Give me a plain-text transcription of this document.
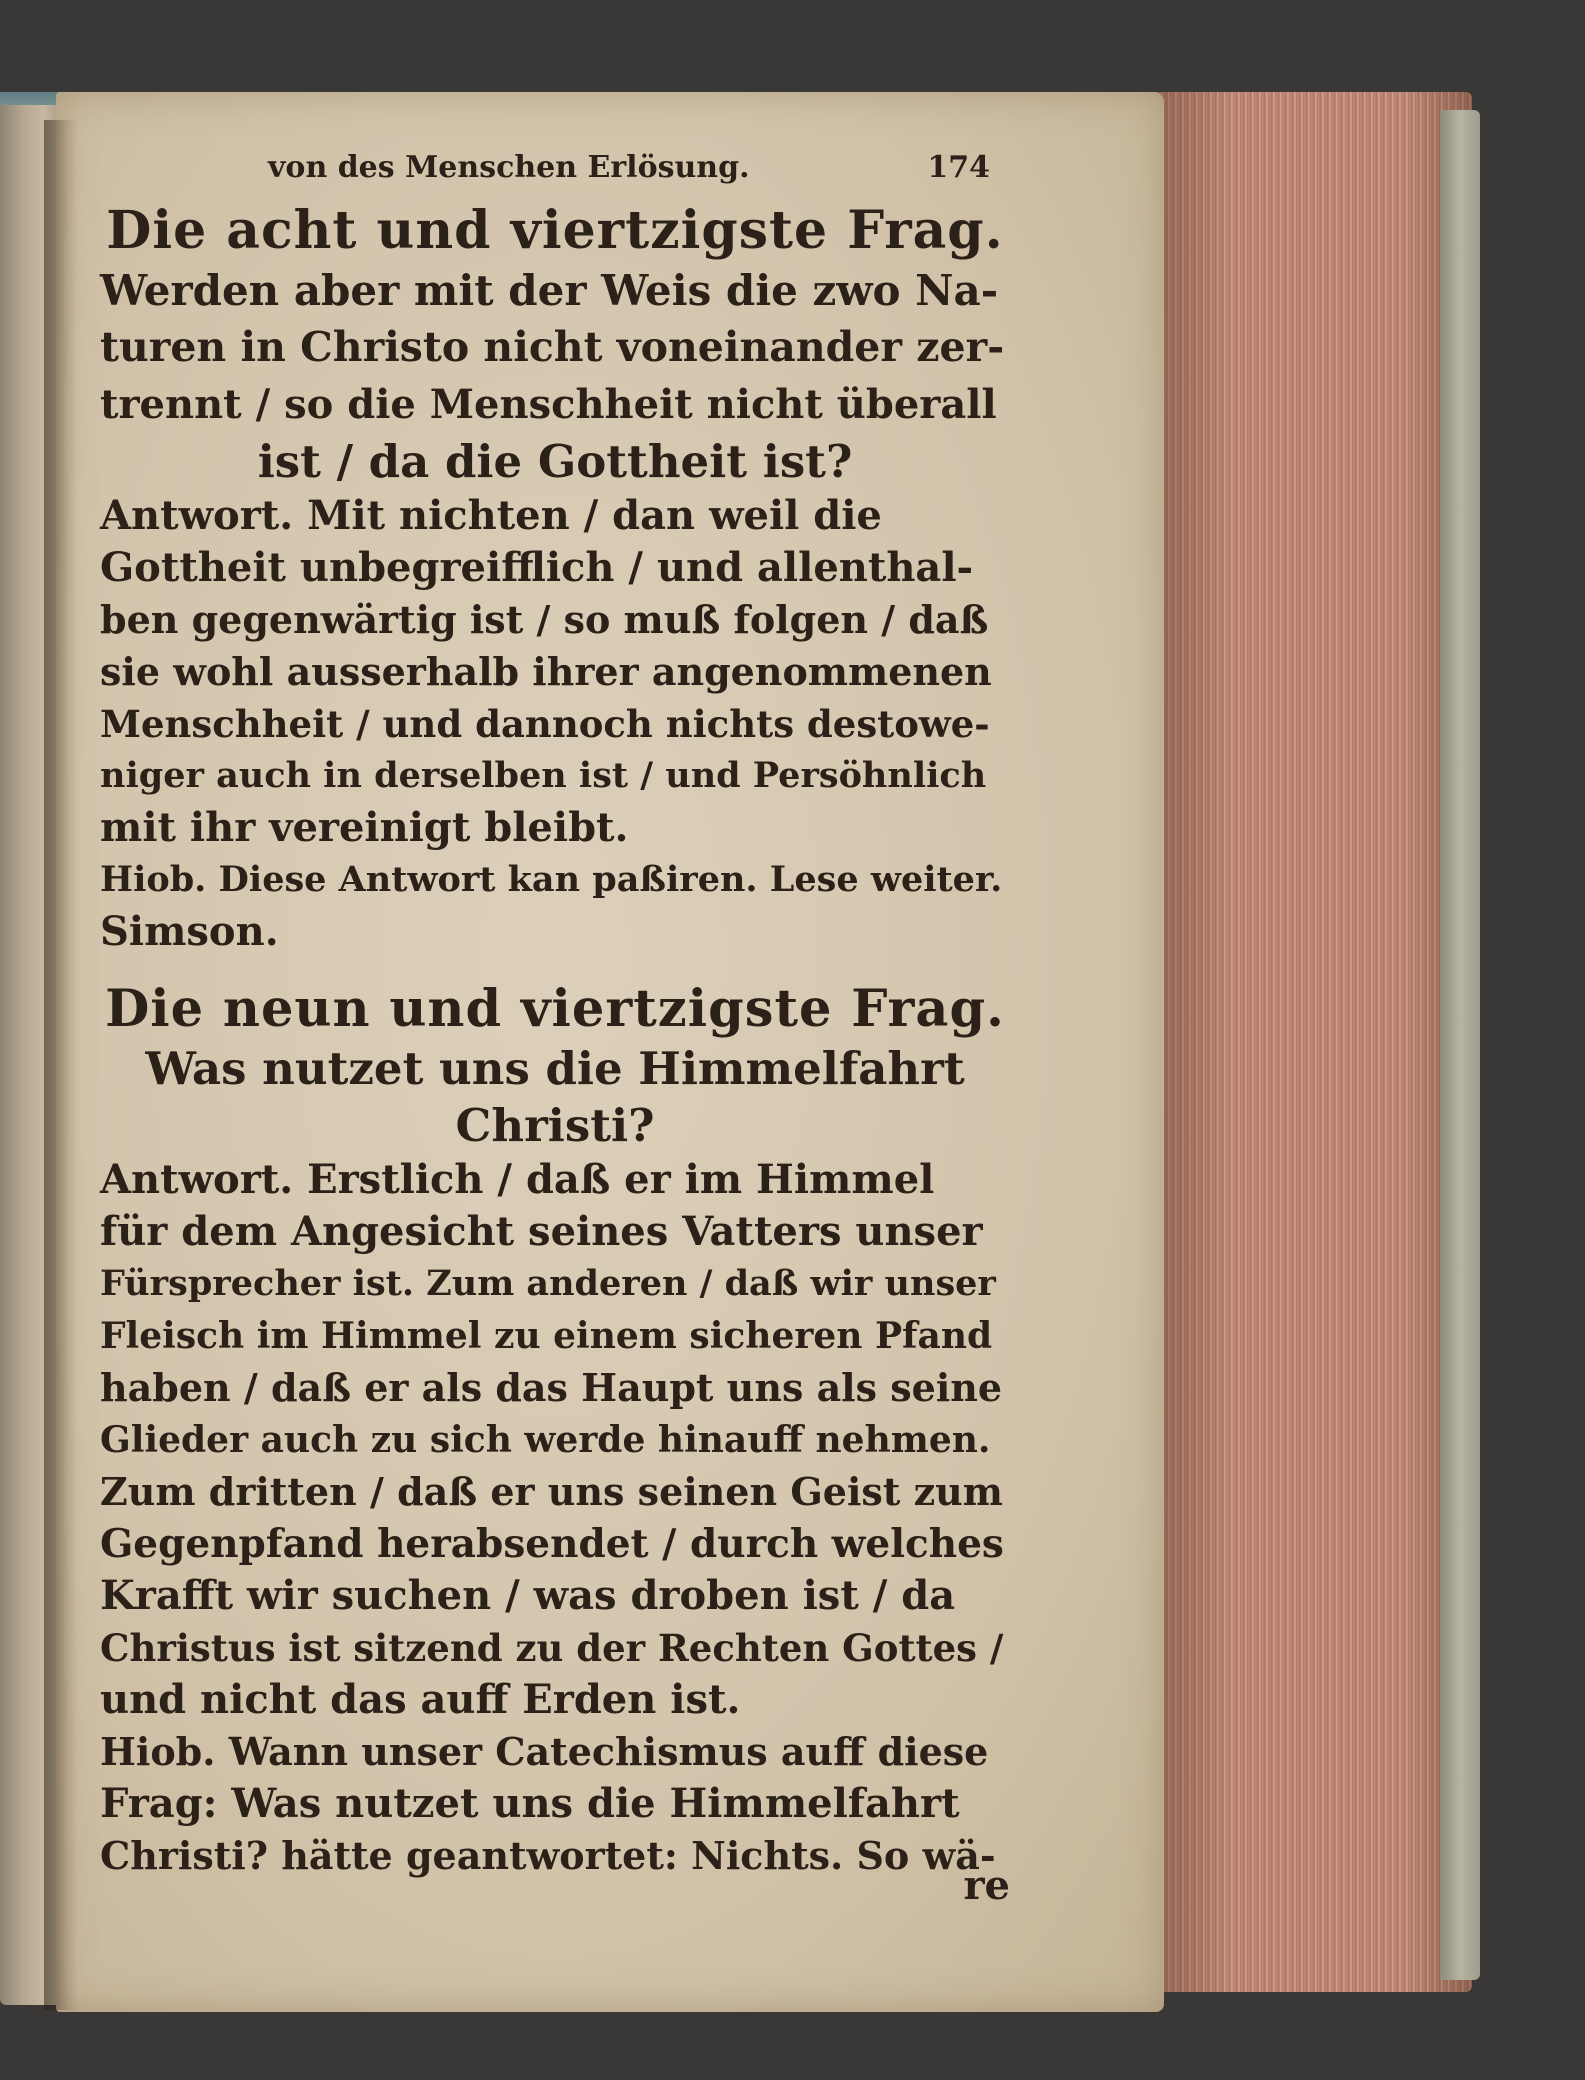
von des Menschen Erlösung.	174
Die acht und viertzigste Frag.
Werden aber mit der Weis die zwo Na-
turen in Christo nicht voneinander zer-
trennt / so die Menschheit nicht überall
ist / da die Gottheit ist?
Antwort. Mit nichten / dan weil die
Gottheit unbegreifflich / und allenthal-
ben gegenwärtig ist / so muß folgen / daß
sie wohl ausserhalb ihrer angenommenen
Menschheit / und dannoch nichts destowe-
niger auch in derselben ist / und Persöhnlich
mit ihr vereinigt bleibt.
Hiob. Diese Antwort kan paßiren. Lese weiter.
Simson.
Die neun und viertzigste Frag.
Was nutzet uns die Himmelfahrt
Christi?
Antwort. Erstlich / daß er im Himmel
für dem Angesicht seines Vatters unser
Fürsprecher ist. Zum anderen / daß wir unser
Fleisch im Himmel zu einem sicheren Pfand
haben / daß er als das Haupt uns als seine
Glieder auch zu sich werde hinauff nehmen.
Zum dritten / daß er uns seinen Geist zum
Gegenpfand herabsendet / durch welches
Krafft wir suchen / was droben ist / da
Christus ist sitzend zu der Rechten Gottes /
und nicht das auff Erden ist.
Hiob. Wann unser Catechismus auff diese
Frag: Was nutzet uns die Himmelfahrt
Christi? hätte geantwortet: Nichts. So wä-
re
